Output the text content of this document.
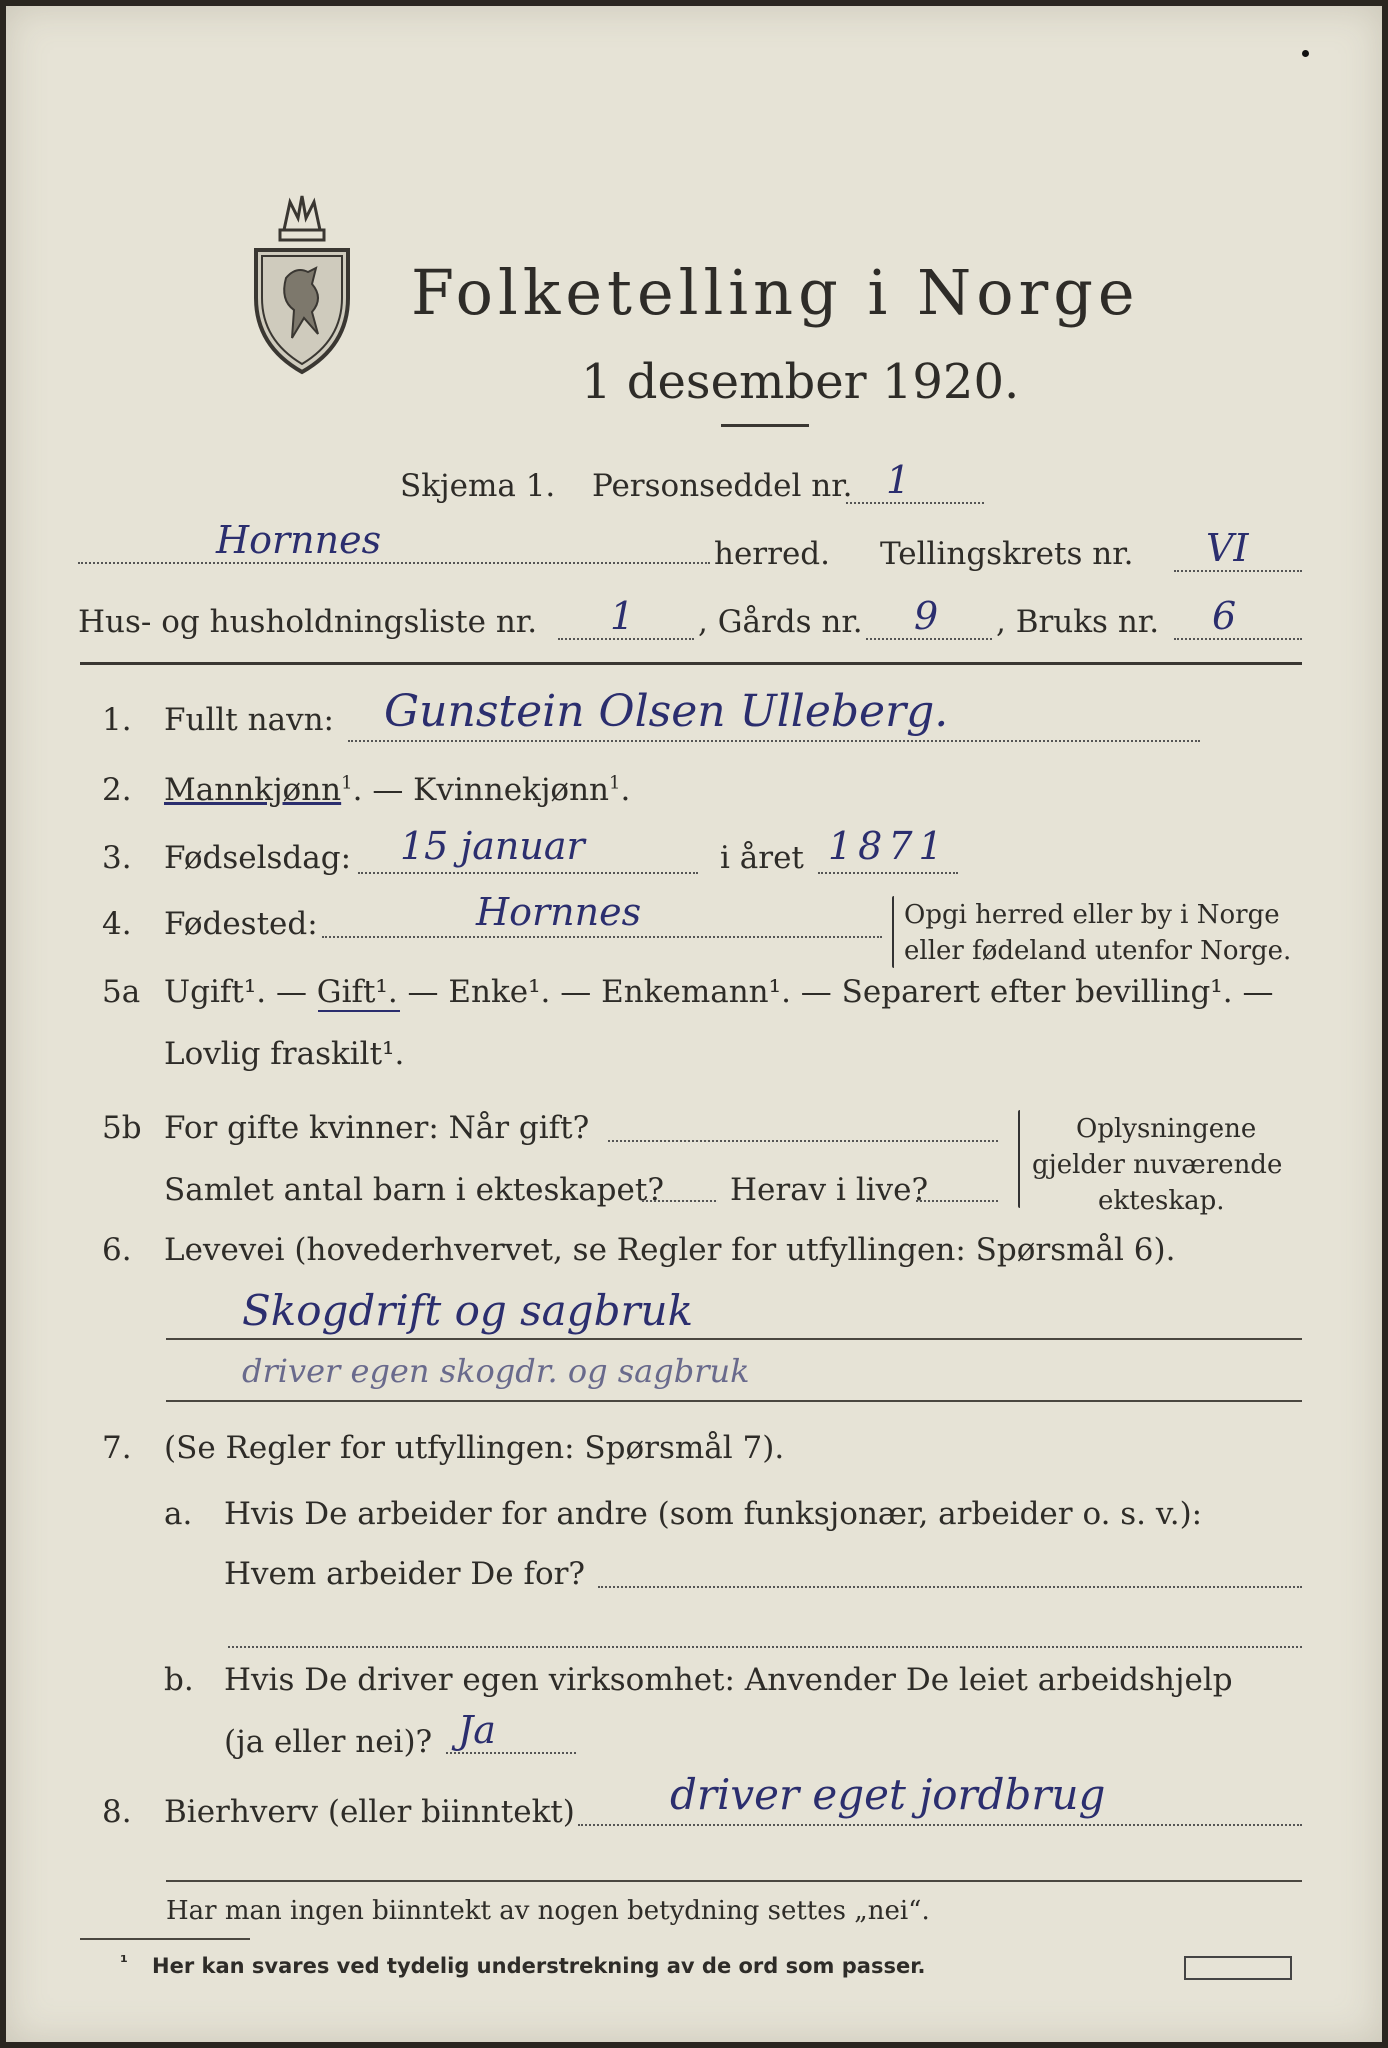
Folketelling i Norge
1 desember 1920.
Skjema 1. Personseddel nr. 1
Hornnes	herred. Tellingskrets nr. VI
Hus- og husholdningsliste nr. 1 , Gårds nr. 9 , Bruks nr. 6
1. Fullt navn: Gunstein Olsen Ulleberg.
2. Mannkjønn$^1$. — Kvinnekjønn$^1$.
3. Fødselsdag: 15 januar	i året 1871
4. Fødested:	Hornnes	Opgi herred eller by i Norge
eller fødeland utenfor Norge.
5a Ugift¹. — Gift¹. — Enke¹. — Enkemann¹. — Separert efter bevilling¹. —
Lovlig fraskilt¹.
5b For gifte kvinner: Når gift?
Samlet antal barn i ekteskapet? Herav i live?
Oplysningene
gjelder nuværende
ekteskap.
6. Levevei (hovederhvervet, se Regler for utfyllingen: Spørsmål 6).
Skogdrift og sagbruk
driver egen skogdr. og sagbruk
7. (Se Regler for utfyllingen: Spørsmål 7).
a. Hvis De arbeider for andre (som funksjonær, arbeider o. s. v.):
Hvem arbeider De for?
b. Hvis De driver egen virksomhet: Anvender De leiet arbeidshjelp
(ja eller nei)? Ja
8. Bierhverv (eller biinntekt) driver eget jordbrug
Har man ingen biinntekt av nogen betydning settes „nei“.
¹ Her kan svares ved tydelig understrekning av de ord som passer.
